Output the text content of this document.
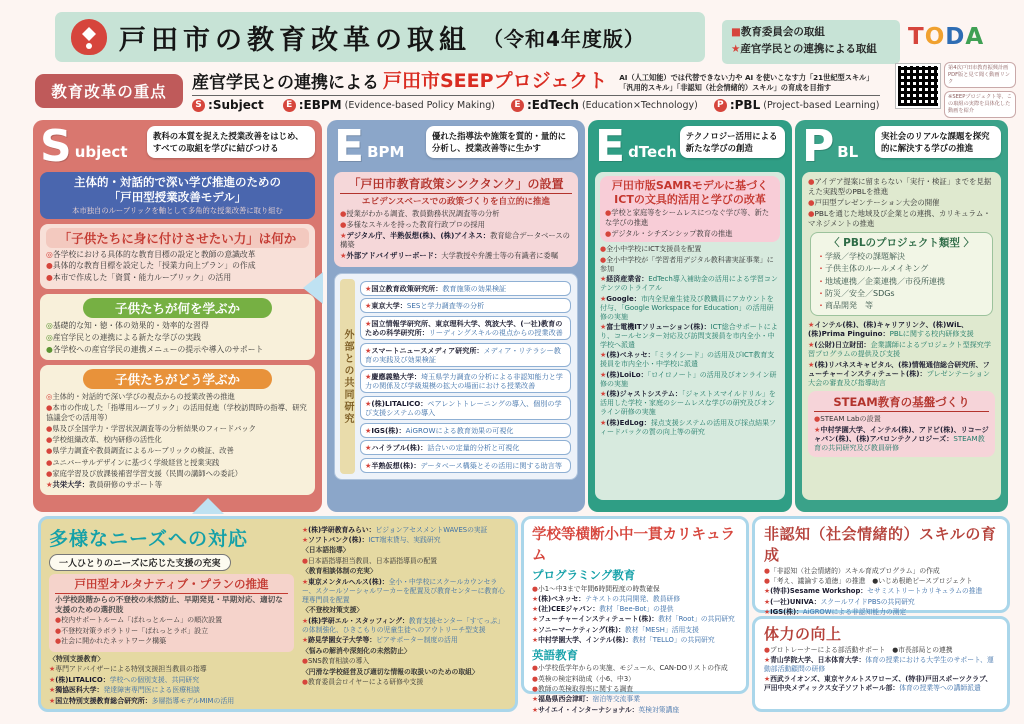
戸田市の教育改革の取組 （令和4年度版）	■教育委員会の取組
★産官学民との連携による取組	TODA
第4次戸田市教育振興計画 PDF版と見て聞く動画リンク
※SEEPプロジェクト等、この取組の実際を具体化した動画を紹介
教育改革の重点	産官学民との連携による 戸田市SEEPプロジェクト AI（人工知能）では代替できない力や AI を使いこなす力「21世紀型スキル」「汎用的スキル」「非認知（社会情緒的）スキル」の育成を目指す
S :Subject	E :EBPM (Evidence-based Policy Making)	E :EdTech (Education×Technology)	P :PBL (Project-based Learning)
S ubject
教科の本質を捉えた授業改善をはじめ、すべての取組を学びに結びつける
主体的・対話的で深い学び推進のための
「戸田型授業改善モデル」
本市独自のルーブリックを軸として多角的な授業改善に取り組む
「子供たちに身に付けさせたい力」は何か
◎各学校における具体的な教育目標の設定と教師の意識改革
●具体的な教育目標を設定した「授業力向上プラン」の作成
●本市で作成した「資質・能力ルーブリック」の活用
子供たちが何を学ぶか
◎基礎的な知・徳・体の効果的・効率的な習得
◎産官学民との連携による新たな学びの実践
●各学校への産官学民の連携メニューの提示や導入のサポート
子供たちがどう学ぶか
◎主体的・対話的で深い学びの視点からの授業改善の推進
●本市の作成した「指導用ルーブリック」の活用促進（学校訪問時の指導、研究協議会での活用等）
●県及び全国学力・学習状況調査等の分析結果のフィードバック
●学校組織改革、校内研修の活性化
●県学力調査や教員調査によるルーブリックの検証、改善
●ユニバーサルデザインに基づく学級経営と授業実践
●家庭学習及び放課後補習学習支援（民間の講師への委託）
★共栄大学：教員研修のサポート等
E BPM
優れた指導法や施策を質的・量的に分析し、授業改善等に生かす
「戸田市教育政策シンクタンク」の設置
エビデンスベースでの政策づくりを自立的に推進
●授業がわかる調査、教員勤務状況調査等の分析
●多様なスキルを持った教育行政プロの採用
★デジタル庁、半熟仮想(株)、(株)アイネス：教育総合データベースの構築
★外部アドバイザリーボード：大学教授や弁護士等の有識者に委嘱
外部との共同研究
★国立教育政策研究所：教育施策の効果検証
★東京大学：SESと学力調査等の分析
★国立情報学研究所、東京理科大学、筑波大学、(一社)教育のための科学研究所：リーディングスキルの視点からの授業改善
★スマートニュースメディア研究所：メディア・リテラシー教育の実践及び効果検証
★慶應義塾大学：埼玉県学力調査の分析による非認知能力と学力の関係及び学級規模の拡大の場面における授業改善
★(株)LITALICO：ペアレントトレーニングの導入、個別の学び支援システムの導入
★IGS(株)：AiGROWによる教育効果の可視化
★ハイラブル(株)：話合いの定量的分析と可視化
★半熟仮想(株)：データベース構築とその活用に関する助言等
E dTech
テクノロジー活用による新たな学びの創造
戸田市版SAMRモデルに基づく
ICTの文具的活用と学びの改革
●学校と家庭等をシームレスにつなぐ学び等、新たな学びの推進
●デジタル・シチズンシップ教育の推進
●全小中学校にICT支援員を配置
●全小中学校が「学習者用デジタル教科書実証事業」に参加
★経済産業省：EdTech導入補助金の活用による学習コンテンツのトライアル
★Google：市内全児童生徒及び教職員にアカウントを付与、「Google Workspace for Education」の活用研修の実施
★富士電機ITソリューション(株)：ICT総合サポートにより、コールセンター対応及び訪問支援員を市内全小・中学校へ派遣
★(株)ベネッセ：「ミライシード」の活用及びICT教育支援員を市内全小・中学校に派遣
★(株)LoiLo：「ロイロノート」の活用及びオンライン研修の実施
★(株)ジャストシステム：「ジャストスマイルドリル」を活用した学校・家庭のシームレスな学びの研究及びオンライン研修の実施
★(株)EdLog：採点支援システムの活用及び採点結果フィードバックの質の向上等の研究
P BL
実社会のリアルな課題を探究的に解決する学びの推進
●アイデア提案に留まらない「実行・検証」までを見据えた実践型のPBLを推進
●戸田型プレゼンテーション大会の開催
●PBLを通じた地域及び企業との連携、カリキュラム・マネジメントの推進
〈 PBLのプロジェクト類型 〉
・学級／学校の課題解決
・子供主体のルールメイキング
・地域連携／企業連携／市役所連携
・防災／安全／SDGs
・商品開発　等
★インテル(株)、(株)キャリアリンク、(株)WiL、(株)Prima Pinguino：PBLに関する校内研修支援
★(公財)日立財団：企業講師によるプロジェクト型探究学習プログラムの提供及び支援
★(株)リバネスキャピタル、(株)情報通信総合研究所、フューチャーインスティテュート(株)：プレゼンテーション大会の審査及び指導助言
STEAM教育の基盤づくり
●STEAM Labの設置
★中村学園大学、インテル(株)、アドビ(株)、リコージャパン(株)、(株)アバロンテクノロジーズ：STEAM教育の共同研究及び教員研修
多様なニーズへの対応
一人ひとりのニーズに応じた支援の充実
戸田型オルタナティブ・プランの推進
小学校段階からの不登校の未然防止、早期発見・早期対応、適切な支援のための選択肢
●校内サポートルーム「ぱれっとルーム」の順次設置
●不登校対策ラボラトリー「ぱれっとラボ」設立
●社会に開かれたネットワーク構築
〈特別支援教育〉
★専門アドバイザーによる特別支援担当教員の指導
★(株)LITALICO：学校への個別支援、共同研究
★獨協医科大学：発達障害専門医による医療相談
★国立特別支援教育総合研究所：多層指導モデルMIMの活用
★(株)学研教育みらい：ビジョンアセスメントWAVESの実証
★ソフトバンク(株)：ICT端末貸与、実践研究
〈日本語指導〉
●日本語指導担当教員、日本語指導員の配置
〈教育相談体制の充実〉
★東京メンタルヘルス(株)：全小・中学校にスクールカウンセラー、スクールソーシャルワーカーを配置及び教育センターに教育心理専門員を配置
〈不登校対策支援〉
★(株)学研エル・スタッフィング：教育支援センター「すてっぷ」の体制強化、ひきこもりの児童生徒へのアウトリーチ型支援
★跡見学園女子大学等：ピアサポーター制度の活用
〈悩みの解消や深刻化の未然防止〉
●SNS教育相談の導入
〈円滑な学校経営及び適切な情報の取扱いのための取組〉
●教育委員会ロイヤーによる研修や支援
学校等横断小中一貫カリキュラム
プログラミング教育
●小1～中3まで年間6時間程度の時数確保
★(株)ベネッセ：テキストの共同開発、教員研修
★(社)CEEジャパン：教材「Bee-Bot」の提供
★フューチャーインスティテュート(株)：教材「Root」の共同研究
★ソニーマーケティング(株)：教材「MESH」活用支援
★中村学園大学、インテル(株)：教材「TELLO」の共同研究
英語教育
●小学校低学年からの実施、モジュール、CAN-DOリストの作成
●英検の検定料助成（小6、中3）
●教師の英検取得率に関する調査
★福島県西会津町：宿泊等交流事業
★サイエイ・インターナショナル：英検対策講座
非認知（社会情緒的）スキルの育成
●「非認知（社会情緒的）スキル育成プログラム」の作成
●「考え、議論する道徳」の推進　●いじめ根絶ピースプロジェクト
★(特非)Sesame Workshop：セサミストリートカリキュラムの推進
★(一社)UNIVA：スクールワイドPBSの共同研究
★IGS(株)：AiGROWによる非認知能力の測定
体力の向上
●プロトレーナーによる部活動サポート　●市長部局との連携
★青山学院大学、日本体育大学：体育の授業における大学生のサポート、運動部活動顧問の研修
★西武ライオンズ、東京ヤクルトスワローズ、(特非)戸田スポーツクラブ、戸田中央メディックス女子ソフトボール部：体育の授業等への講師派遣
